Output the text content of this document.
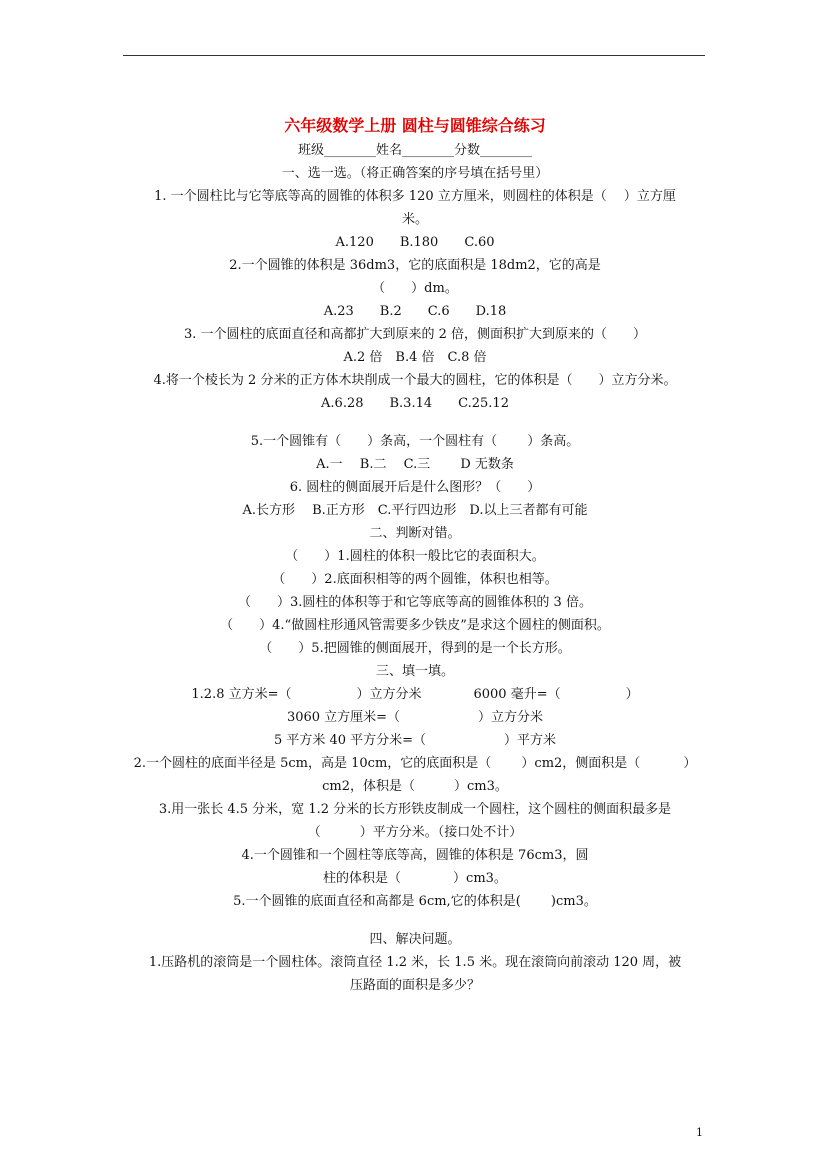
六年级数学上册 圆柱与圆锥综合练习
班级________姓名________分数________
一、选一选。（将正确答案的序号填在括号里）
1. 一个圆柱比与它等底等高的圆锥的体积多 120 立方厘米，则圆柱的体积是（　 ）立方厘
米。
A.120　　B.180　　C.60
2.一个圆锥的体积是 36dm3，它的底面积是 18dm2，它的高是
（　　）dm。
A.23　　B.2　　C.6　　D.18
3. 一个圆柱的底面直径和高都扩大到原来的 2 倍，侧面积扩大到原来的（　　）
A.2 倍　B.4 倍　C.8 倍
4.将一个棱长为 2 分米的正方体木块削成一个最大的圆柱，它的体积是（　　）立方分米。
A.6.28　　B.3.14　　C.25.12
5.一个圆锥有（　　）条高，一个圆柱有（　　 ）条高。
A.一　 B.二　 C.三　　 D 无数条
6. 圆柱的侧面展开后是什么图形？（　　）
A.长方形　 B.正方形　C.平行四边形　D.以上三者都有可能
二、判断对错。
（　　）1.圆柱的体积一般比它的表面积大。
（　　）2.底面积相等的两个圆锥，体积也相等。
（　　）3.圆柱的体积等于和它等底等高的圆锥体积的 3 倍。
（　　）4.“做圆柱形通风管需要多少铁皮”是求这个圆柱的侧面积。
（　　）5.把圆锥的侧面展开，得到的是一个长方形。
三、填一填。
1.2.8 立方米=（　　　　　）立方分米　　　　6000 毫升=（　　　　　）
3060 立方厘米=（　　　　　　）立方分米
5 平方米 40 平方分米=（　　　　　　）平方米
2.一个圆柱的底面半径是 5cm，高是 10cm，它的底面积是（　　 ）cm2，侧面积是（　　　 ）
cm2，体积是（　　　）cm3。
3.用一张长 4.5 分米，宽 1.2 分米的长方形铁皮制成一个圆柱，这个圆柱的侧面积最多是
（　　　）平方分米。（接口处不计）
4.一个圆锥和一个圆柱等底等高，圆锥的体积是 76cm3，圆
柱的体积是（　　　　）cm3。
5.一个圆锥的底面直径和高都是 6cm,它的体积是(　　 )cm3。
四、解决问题。
1.压路机的滚筒是一个圆柱体。滚筒直径 1.2 米，长 1.5 米。现在滚筒向前滚动 120 周，被
压路面的面积是多少？
1
